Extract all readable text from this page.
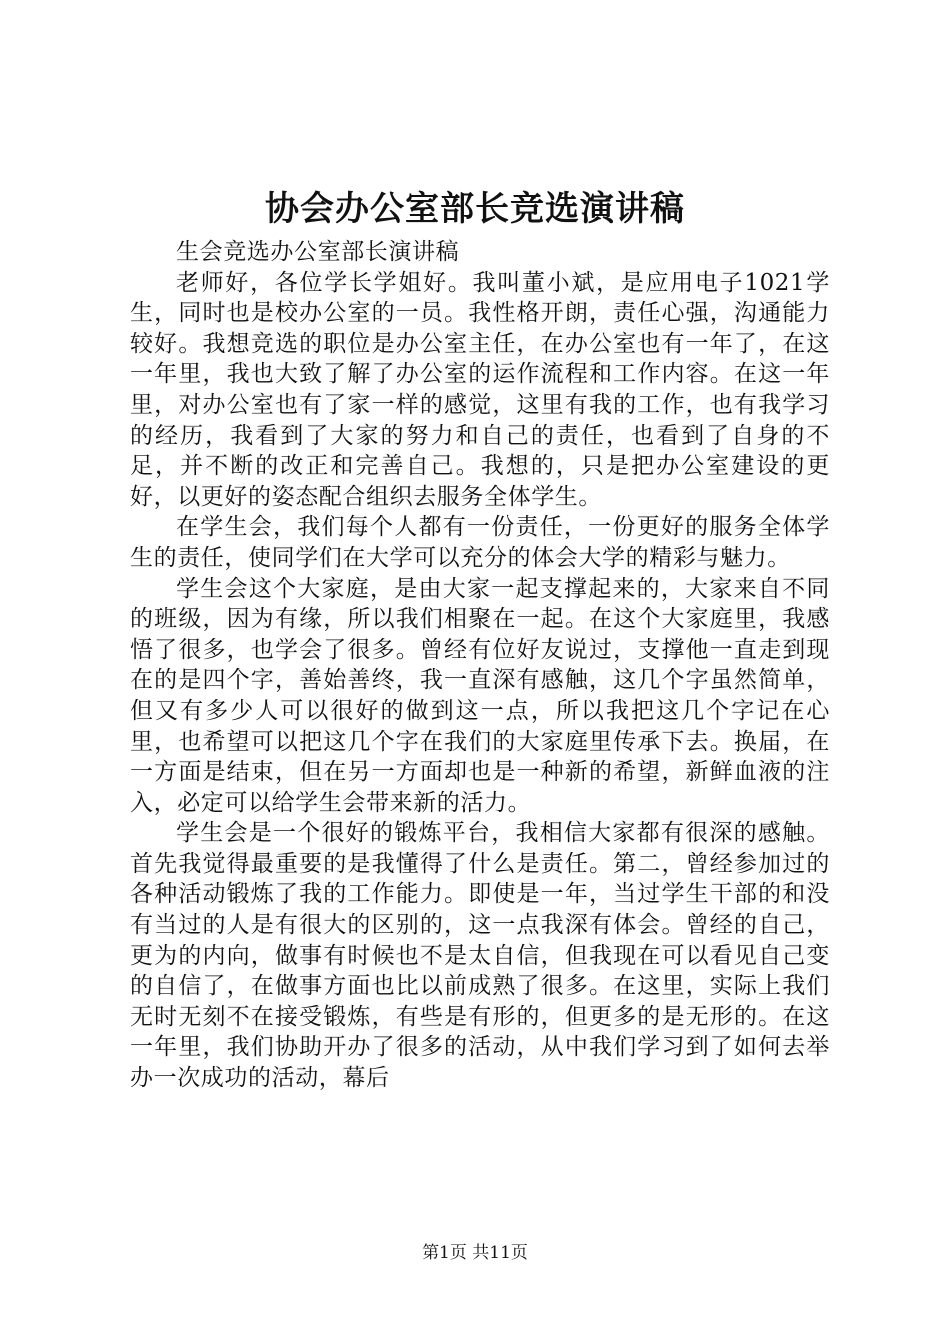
协会办公室部长竞选演讲稿

生会竞选办公室部长演讲稿

老师好，各位学长学姐好。我叫董小斌，是应用电子1021学生，同时也是校办公室的一员。我性格开朗，责任心强，沟通能力较好。我想竞选的职位是办公室主任，在办公室也有一年了，在这一年里，我也大致了解了办公室的运作流程和工作内容。在这一年里，对办公室也有了家一样的感觉，这里有我的工作，也有我学习的经历，我看到了大家的努力和自己的责任，也看到了自身的不足，并不断的改正和完善自己。我想的，只是把办公室建设的更好，以更好的姿态配合组织去服务全体学生。

在学生会，我们每个人都有一份责任，一份更好的服务全体学生的责任，使同学们在大学可以充分的体会大学的精彩与魅力。

学生会这个大家庭，是由大家一起支撑起来的，大家来自不同的班级，因为有缘，所以我们相聚在一起。在这个大家庭里，我感悟了很多，也学会了很多。曾经有位好友说过，支撑他一直走到现在的是四个字，善始善终，我一直深有感触，这几个字虽然简单，但又有多少人可以很好的做到这一点，所以我把这几个字记在心里，也希望可以把这几个字在我们的大家庭里传承下去。换届，在一方面是结束，但在另一方面却也是一种新的希望，新鲜血液的注入，必定可以给学生会带来新的活力。

学生会是一个很好的锻炼平台，我相信大家都有很深的感触。首先我觉得最重要的是我懂得了什么是责任。第二，曾经参加过的各种活动锻炼了我的工作能力。即使是一年，当过学生干部的和没有当过的人是有很大的区别的，这一点我深有体会。曾经的自己，更为的内向，做事有时候也不是太自信，但我现在可以看见自己变的自信了，在做事方面也比以前成熟了很多。在这里，实际上我们无时无刻不在接受锻炼，有些是有形的，但更多的是无形的。在这一年里，我们协助开办了很多的活动，从中我们学习到了如何去举办一次成功的活动，幕后

第1页 共11页
